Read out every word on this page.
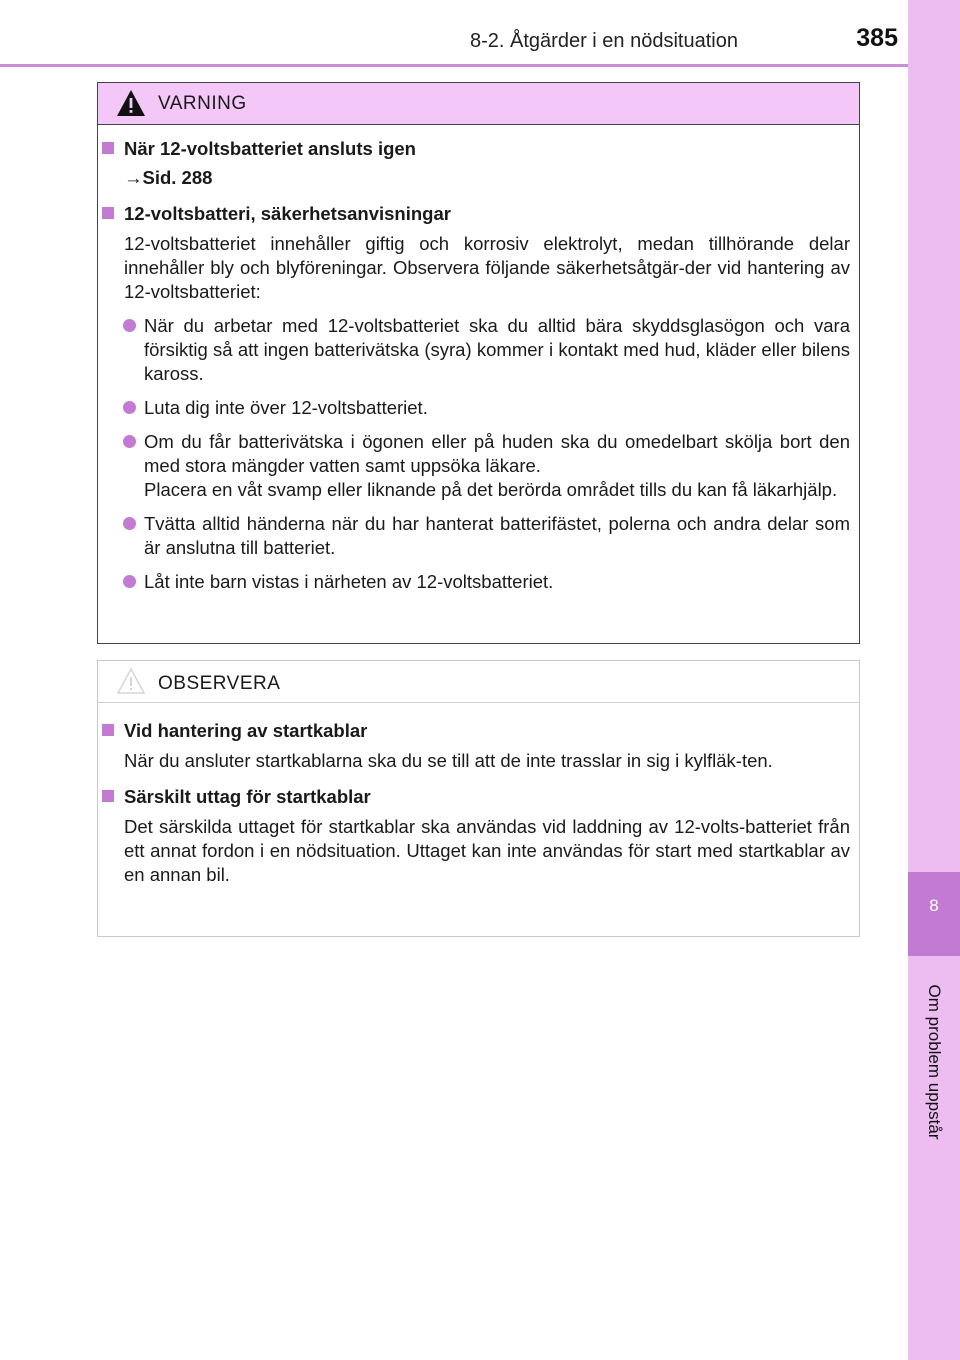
8-2. Åtgärder i en nödsituation	385
8
Om problem uppstår
VARNING
När 12-voltsbatteriet ansluts igen
→Sid. 288
12-voltsbatteri, säkerhetsanvisningar
12-voltsbatteriet innehåller giftig och korrosiv elektrolyt, medan tillhörande delar innehåller bly och blyföreningar. Observera följande säkerhetsåtgär-der vid hantering av 12-voltsbatteriet:
När du arbetar med 12-voltsbatteriet ska du alltid bära skyddsglasögon och vara försiktig så att ingen batterivätska (syra) kommer i kontakt med hud, kläder eller bilens kaross.
Luta dig inte över 12-voltsbatteriet.
Om du får batterivätska i ögonen eller på huden ska du omedelbart skölja bort den med stora mängder vatten samt uppsöka läkare.
Placera en våt svamp eller liknande på det berörda området tills du kan få läkarhjälp.
Tvätta alltid händerna när du har hanterat batterifästet, polerna och andra delar som är anslutna till batteriet.
Låt inte barn vistas i närheten av 12-voltsbatteriet.
OBSERVERA
Vid hantering av startkablar
När du ansluter startkablarna ska du se till att de inte trasslar in sig i kylfläk-ten.
Särskilt uttag för startkablar
Det särskilda uttaget för startkablar ska användas vid laddning av 12-volts-batteriet från ett annat fordon i en nödsituation. Uttaget kan inte användas för start med startkablar av en annan bil.
